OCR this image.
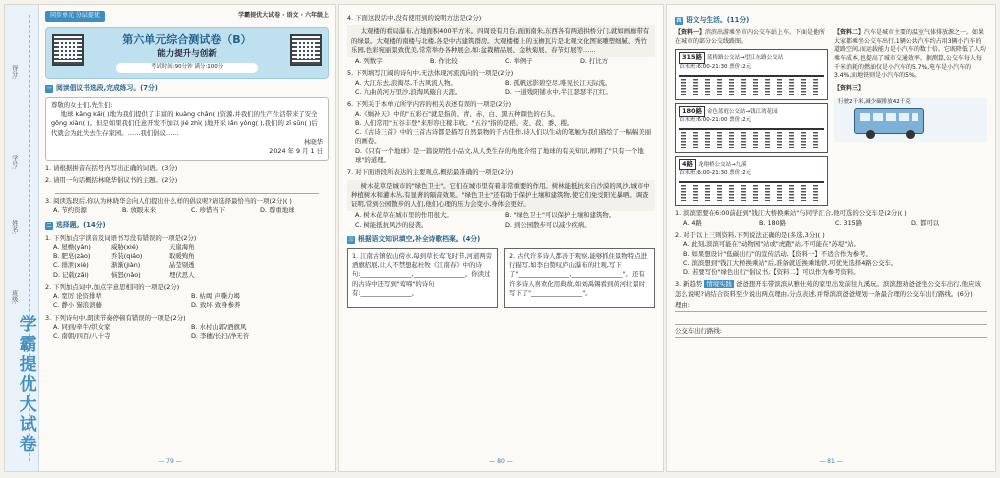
得分:
学号:
姓名:
班级:
学霸提优大试卷
同步单元 分层提优	学霸提优大试卷 · 语文 · 六年级上
第六单元综合测试卷（B）
能力提升与创新
考试时间:90分钟 满分:100分
一 阅读倡议书选段,完成练习。(7分)
尊敬的女士们,先生们:

地球 kāng kǎi( )地为我们提供了丰富的 kuàng chǎn( )资源,并我们的生产生活带来了安全 gōng xiàn( )。但是如果我们任意开发不加以 jié zhì( )地开采 lǎn yòng( ),我们的 zī sūn( )后代就会为此失去生存家园。……我们倡议……

林晓华
2024 年 9 月 1 日
1. 请根据拼音在括号内写出正确的词语。(3分)
2. 请用一句话概括林晓华倡议书的主题。(2分)
3. 阅读选段后,你认为林晓华会向人们提出什么样的倡议呢?请选择最恰当的一项(2分)( )
A. 节约资源	B. 放眼未来	C. 珍惜当下	D. 尊重地球
二 选择题。(14分)
1. 下列加点字读音及词语书写没有错误的一项是(2分)
A. 屋檐(yán)	威胁(xié)	天崖海角
B. 肥皂(zào)	乔装(qiáo)	取暖殉角
C. 排泄(xiè)	渐渐(jiàn)	晶莹剔透
D. 记载(zǎi)	恼怒(nǎo)	埋伏思人
2. 下列加点词中,加点字意思相同的一项是(2分)
A. 宽厉 论资排辈	B. 枯竭 声嘶力竭
C. 静小 猫浪溃藤	D. 致坏 致身参养
3. 下列诗句中,朗读节奏停顿有错误的一项是(2分)
A. 同到/牵牛/织女家	B. 水村山郭/酒旗风
C. 南朝/四百/八十寺	D. 李穗/长扫/净无苔
— 79 —
4. 下面这段话中,没有使用到的说明方法是(2分)
太观楼的看局瀑布,占地面积400平方米。四周设有月台,面面南朱,东西各有两道拱桥分门,就如画廊带有的绿景。大观楼的南楼与北楼,各是中古建筑群房。大观楼楼上的玉檐瓦片是北观文化图案雕塑细腻、秀竹乐园,色彩宛丽景致优美,常常举办各种展会,如:盆栽精品展、金秋菊展、春节灯展等……
A. 列数字	B. 作比较	C. 举例子	D. 打比方
5. 下列填写江阔的诗句中,无法体现河流流向的一项是(2分)
A. 大江东去,浪淘尽,千古风流人物。	B. 孤帆远影碧空尽,唯见长江天际流。
C. 九曲黄河万里沙,浪淘风簸自天涯。	D. 一道残阳铺水中,半江瑟瑟半江红。
6. 下列关于本单元所学内容的相关表述有误的一项是(2分)
A.《娲补天》中的"五彩石"就是指黄、青、赤、白、黑五种颜色的石头。
B. 人们常用"五谷丰登"来形容庄稼丰收。"五谷"指的是稻、麦、菽、黍、稷。
C.《古诗三首》中的三首古诗都是描写自然景物的千古佳作,诗人们以生动的笔触为我们描绘了一幅幅美丽的画卷。
D.《只有一个地球》是一篇说明性小品文,从人类生存的角度介绍了地球的有关知识,阐明了"只有一个地球"的道理。
7. 对下面语段所表达的主要观点,概括最准确的一项是(2分)
树木花草是城市的"绿色卫士"。它们在城市里有着非常重要的作用。树林能抵抗来自沙漠的风沙,城市中种植树木和灌木丛,有显著的隔音效果。"绿色卫士"还有助于保护土壤和建筑物,使它们免受阳光暴晒。调查证明,常到公园散步的人们,他们心理的压力会变小,身体会更好。
A. 树木花草在城市里的作用很大。	B. "绿色卫士"可以保护土壤和建筑物。
C. 树能抵抗风沙的侵袭。	D. 到公园散步可以减少疾病。
三 根据语文知识填空,补全诗歌档案。(4分)
1. 江南古镇依山傍水,每到草长莺飞时节,河道两旁酒旗招展,让人不禁想起杜牧《江南春》中的诗句:________________,________________。你读过的古诗中还写到"莺啼"的诗句有:________________。
2. 古代许多诗人都善于观察,能够抓住景物特点进行描写,如李白赞叹庐山瀑布的壮观,写下了"________________,________________"。还有许多诗人喜欢化用典故,如刘禹锡看到黄河壮景时写下了"________________"。
— 80 —
四 语文与生活。(11分)
【资料一】滨滨出游乘坐市内公交车站上车。下面是他所在城市的部分公交线路图。
315路 蓝桥路公交站→望江东路公交站
首末班:6:00-21:30 票价:2元
180路 金色蓝庭公交站→钱江湾花园
首末班:6:00-21:00 票价:2元
4路 龙翔桥公交站→九溪
首末班:6:00-21:30 票价:2元
【资料二】汽车是城市主要的温室气体排放源之一。如果大家都乘坐公交车出行,1辆公共汽车约占用3辆小汽车的道路空间,而运载能力是小汽车的数十倍。它既降低了人均乘车成本,也提高了城市交通效率。据测算,公交车每人每千米消耗的燃油仅是小汽车的5.7%,电车是小汽车的3.4%,而地铁则是小汽车的5%。
【资料三】
行驶2千米,减少碳排放42千克
1. 滨滨需要在6:00前赶到"钱江大桥换乘站"与同学汇合,他可选的公交车是(2分)( )
A. 4路	B. 180路	C. 315路	D. 都可以
2. 对于以上三则资料,下列说法正确的是(多选,3分)( )
A. 此刻,滨滨可能在"动物园"站或"虎跑"站,不可能在"苏堤"站。
B. 如果想设计"低碳出行"的宣传活动,【资料一】不适合作为参考。
C. 滨滨想到"钱江大桥换乘站"后,准备就近换乘地铁,可优先选择4路公交车。
D. 若要写份"绿色出行"倡议书,【资料二】可以作为参考资料。
3. 新趋势 情境实践 爸爸想开车带滨滨从雅仕苑的家里出发前往九溪玩。滨滨想劝爸爸坐公交车出行,他应该怎么说呢?请结合资料至少说出两点理由,分点表述,并帮滨滨爸爸规划一条最合理的公交车出行路线。(6分)
理由:
公交车出行路线:
— 81 —
